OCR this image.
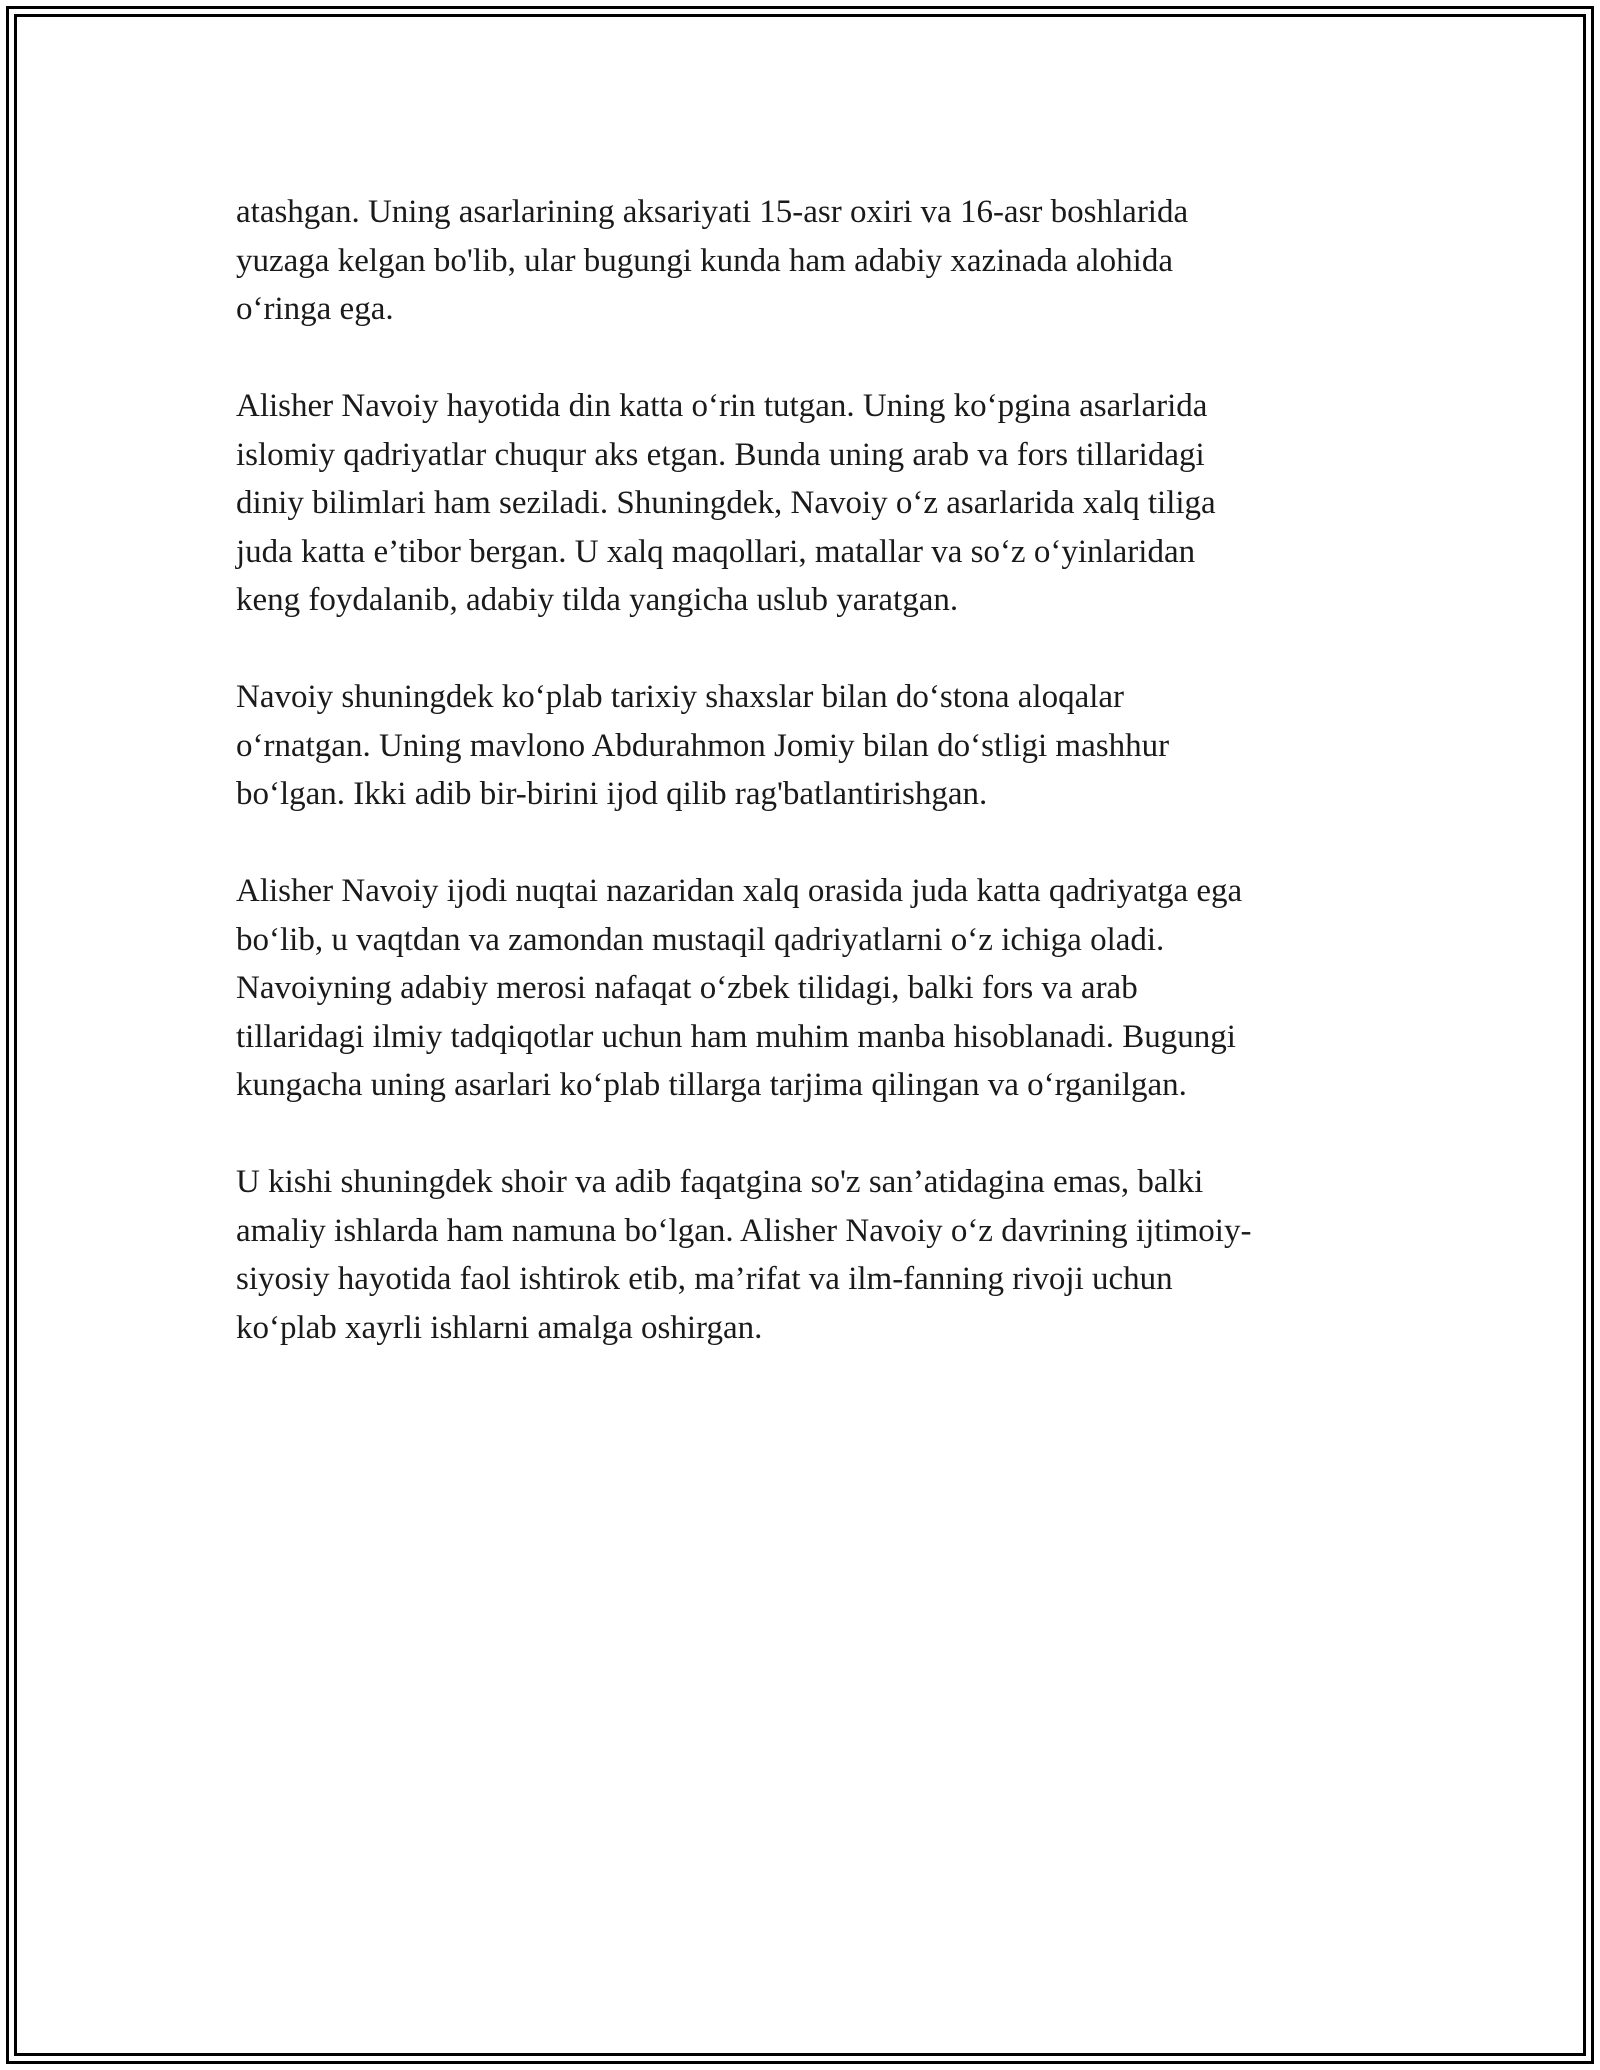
atashgan. Uning asarlarining aksariyati 15-asr oxiri va 16-asr boshlarida
yuzaga kelgan bo'lib, ular bugungi kunda ham adabiy xazinada alohida
o‘ringa ega.

Alisher Navoiy hayotida din katta o‘rin tutgan. Uning ko‘pgina asarlarida
islomiy qadriyatlar chuqur aks etgan. Bunda uning arab va fors tillaridagi
diniy bilimlari ham seziladi. Shuningdek, Navoiy o‘z asarlarida xalq tiliga
juda katta e’tibor bergan. U xalq maqollari, matallar va so‘z o‘yinlaridan
keng foydalanib, adabiy tilda yangicha uslub yaratgan.

Navoiy shuningdek ko‘plab tarixiy shaxslar bilan do‘stona aloqalar
o‘rnatgan. Uning mavlono Abdurahmon Jomiy bilan do‘stligi mashhur
bo‘lgan. Ikki adib bir-birini ijod qilib rag'batlantirishgan.

Alisher Navoiy ijodi nuqtai nazaridan xalq orasida juda katta qadriyatga ega
bo‘lib, u vaqtdan va zamondan mustaqil qadriyatlarni o‘z ichiga oladi.
Navoiyning adabiy merosi nafaqat o‘zbek tilidagi, balki fors va arab
tillaridagi ilmiy tadqiqotlar uchun ham muhim manba hisoblanadi. Bugungi
kungacha uning asarlari ko‘plab tillarga tarjima qilingan va o‘rganilgan.

U kishi shuningdek shoir va adib faqatgina so'z san’atidagina emas, balki
amaliy ishlarda ham namuna bo‘lgan. Alisher Navoiy o‘z davrining ijtimoiy-
siyosiy hayotida faol ishtirok etib, ma’rifat va ilm-fanning rivoji uchun
ko‘plab xayrli ishlarni amalga oshirgan.
